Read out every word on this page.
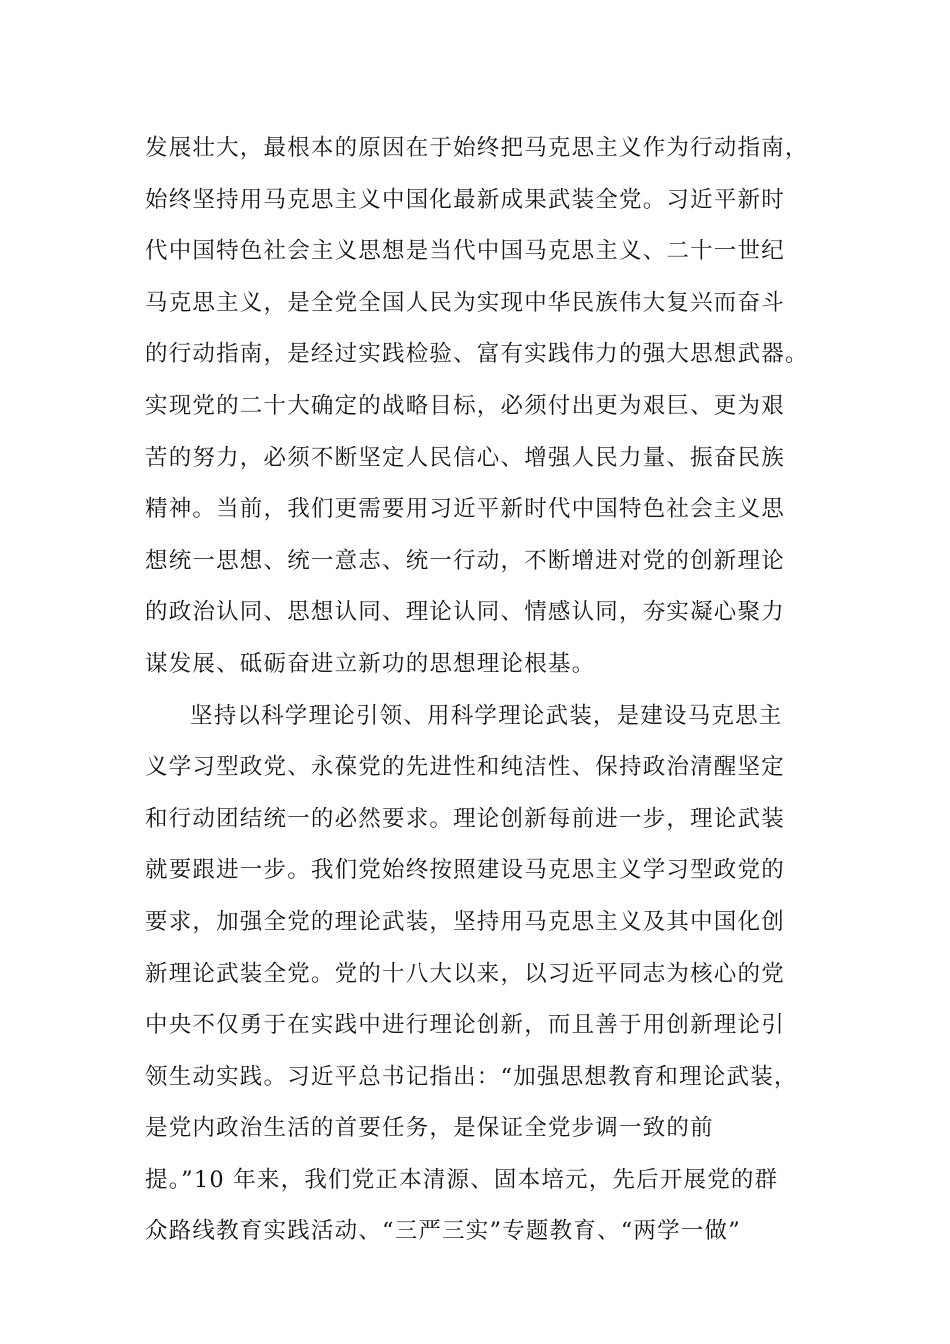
发展壮大，最根本的原因在于始终把马克思主义作为行动指南，
始终坚持用马克思主义中国化最新成果武装全党。习近平新时
代中国特色社会主义思想是当代中国马克思主义、二十一世纪
马克思主义，是全党全国人民为实现中华民族伟大复兴而奋斗
的行动指南，是经过实践检验、富有实践伟力的强大思想武器。
实现党的二十大确定的战略目标，必须付出更为艰巨、更为艰
苦的努力，必须不断坚定人民信心、增强人民力量、振奋民族
精神。当前，我们更需要用习近平新时代中国特色社会主义思
想统一思想、统一意志、统一行动，不断增进对党的创新理论
的政治认同、思想认同、理论认同、情感认同，夯实凝心聚力
谋发展、砥砺奋进立新功的思想理论根基。
坚持以科学理论引领、用科学理论武装，是建设马克思主
义学习型政党、永葆党的先进性和纯洁性、保持政治清醒坚定
和行动团结统一的必然要求。理论创新每前进一步，理论武装
就要跟进一步。我们党始终按照建设马克思主义学习型政党的
要求，加强全党的理论武装，坚持用马克思主义及其中国化创
新理论武装全党。党的十八大以来，以习近平同志为核心的党
中央不仅勇于在实践中进行理论创新，而且善于用创新理论引
领生动实践。习近平总书记指出：“加强思想教育和理论武装，
是党内政治生活的首要任务，是保证全党步调一致的前
提。”10 年来，我们党正本清源、固本培元，先后开展党的群
众路线教育实践活动、“三严三实”专题教育、“两学一做”
